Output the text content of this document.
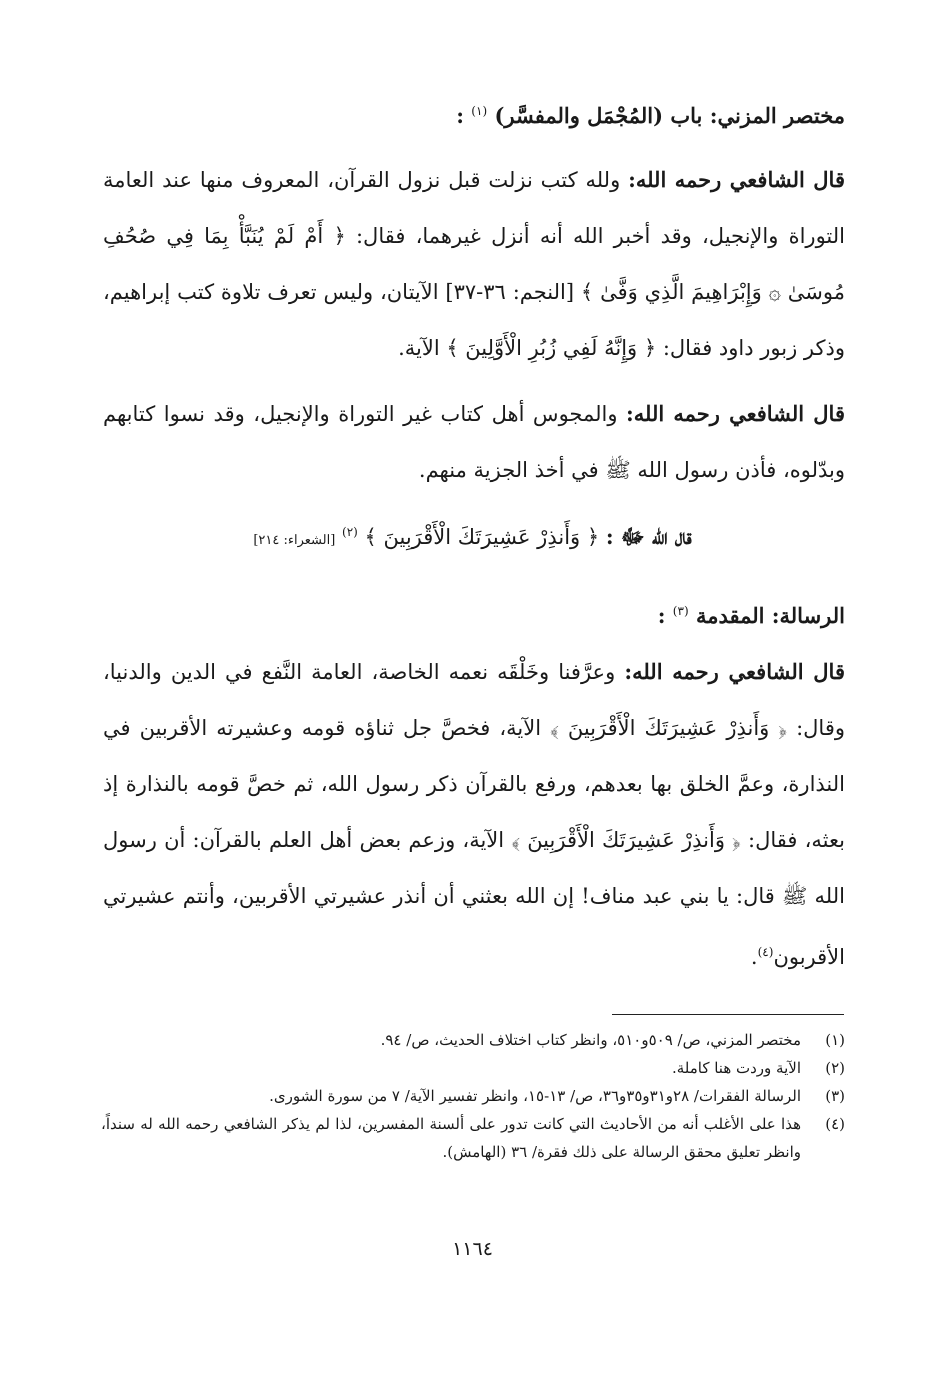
مختصر المزني: باب (المُجْمَل والمفسَّر) $^{(١)}$ :
قال الشافعي رحمه الله: ولله كتب نزلت قبل نزول القرآن، المعروف منها عند العامة التوراة والإنجيل، وقد أخبر الله أنه أنزل غيرهما، فقال: ﴿ أَمْ لَمْ يُنَبَّأْ بِمَا فِي صُحُفِ مُوسَىٰ ۞ وَإِبْرَاهِيمَ الَّذِي وَفَّىٰ ﴾ [النجم: ٣٦-٣٧] الآيتان، وليس تعرف تلاوة كتب إبراهيم، وذكر زبور داود فقال: ﴿ وَإِنَّهُ لَفِي زُبُرِ الْأَوَّلِينَ ﴾ الآية.
قال الشافعي رحمه الله: والمجوس أهل كتاب غير التوراة والإنجيل، وقد نسوا كتابهم وبدّلوه، فأذن رسول الله ﷺ في أخذ الجزية منهم.
قال الله ﷻ : ﴿ وَأَنذِرْ عَشِيرَتَكَ الْأَقْرَبِينَ ﴾ $^{(٢)}$ [الشعراء: ٢١٤]
الرسالة: المقدمة $^{(٣)}$ :
قال الشافعي رحمه الله: وعرَّفنا وخَلْقَه نعمه الخاصة، العامة النَّفع في الدين والدنيا، وقال: ﴿ وَأَنذِرْ عَشِيرَتَكَ الْأَقْرَبِينَ ﴾ الآية، فخصَّ جل ثناؤه قومه وعشيرته الأقربين في النذارة، وعمَّ الخلق بها بعدهم، ورفع بالقرآن ذكر رسول الله، ثم خصَّ قومه بالنذارة إذ بعثه، فقال: ﴿ وَأَنذِرْ عَشِيرَتَكَ الْأَقْرَبِينَ ﴾ الآية، وزعم بعض أهل العلم بالقرآن: أن رسول الله ﷺ قال: يا بني عبد مناف! إن الله بعثني أن أنذر عشيرتي الأقربين، وأنتم عشيرتي الأقربون$^{(٤)}$.
(١)
مختصر المزني، ص/ ٥٠٩و٥١٠، وانظر كتاب اختلاف الحديث، ص/ ٩٤.
(٢)
الآية وردت هنا كاملة.
(٣)
الرسالة الفقرات/ ٢٨و٣١و٣٥و٣٦، ص/ ١٣-١٥، وانظر تفسير الآية/ ٧ من سورة الشورى.
(٤)
هذا على الأغلب أنه من الأحاديث التي كانت تدور على ألسنة المفسرين، لذا لم يذكر الشافعي رحمه الله له سنداً، وانظر تعليق محقق الرسالة على ذلك فقرة/ ٣٦ (الهامش).
١١٦٤
